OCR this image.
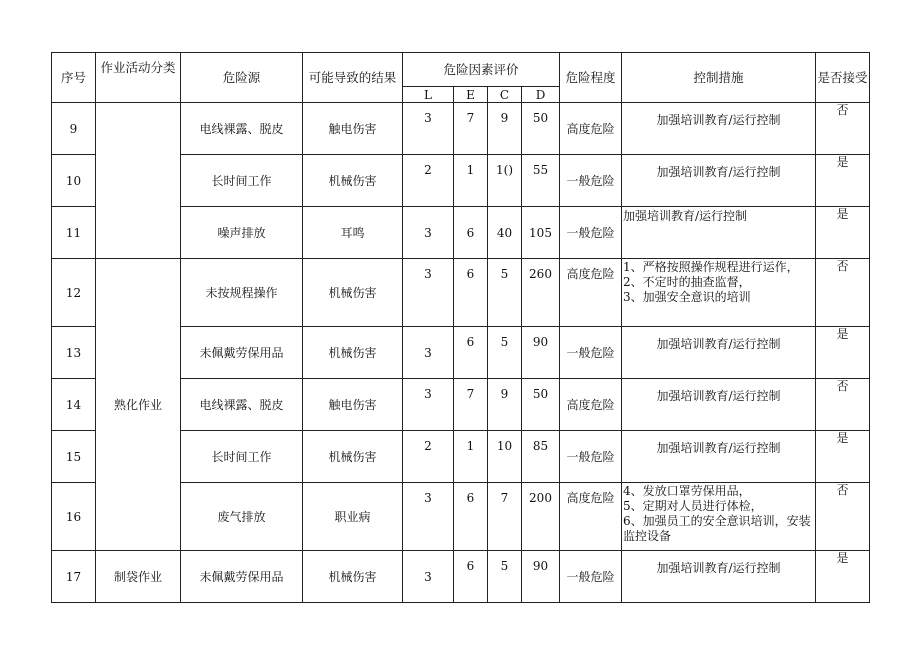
序号	作业活动分类	危险源	可能导致的结果	危险因素评价				危险程度	控制措施	是否接受
				L	E	C	D			
9		电线裸露、脱皮	触电伤害	3	7	9	50	高度危险	加强培训教育/运行控制	否
10		长时间工作	机械伤害	2	1	1()	55	一般危险	加强培训教育/运行控制	是
11		噪声排放	耳鸣	3	6	40	105	一般危险	加强培训教育/运行控制	是
12	熟化作业	未按规程操作	机械伤害	3	6	5	260	高度危险	1、严格按照操作规程进行运作，
2、不定时的抽查监督，
3、加强安全意识的培训	否
13		未佩戴劳保用品	机械伤害	3	6	5	90	一般危险	加强培训教育/运行控制	是
14		电线裸露、脱皮	触电伤害	3	7	9	50	高度危险	加强培训教育/运行控制	否
15		长时间工作	机械伤害	2	1	10	85	一般危险	加强培训教育/运行控制	是
16		废气排放	职业病	3	6	7	200	高度危险	4、发放口罩劳保用品，
5、定期对人员进行体检，
6、加强员工的安全意识培训，安装监控设备	否
17	制袋作业	未佩戴劳保用品	机械伤害	3	6	5	90	一般危险	加强培训教育/运行控制	是
